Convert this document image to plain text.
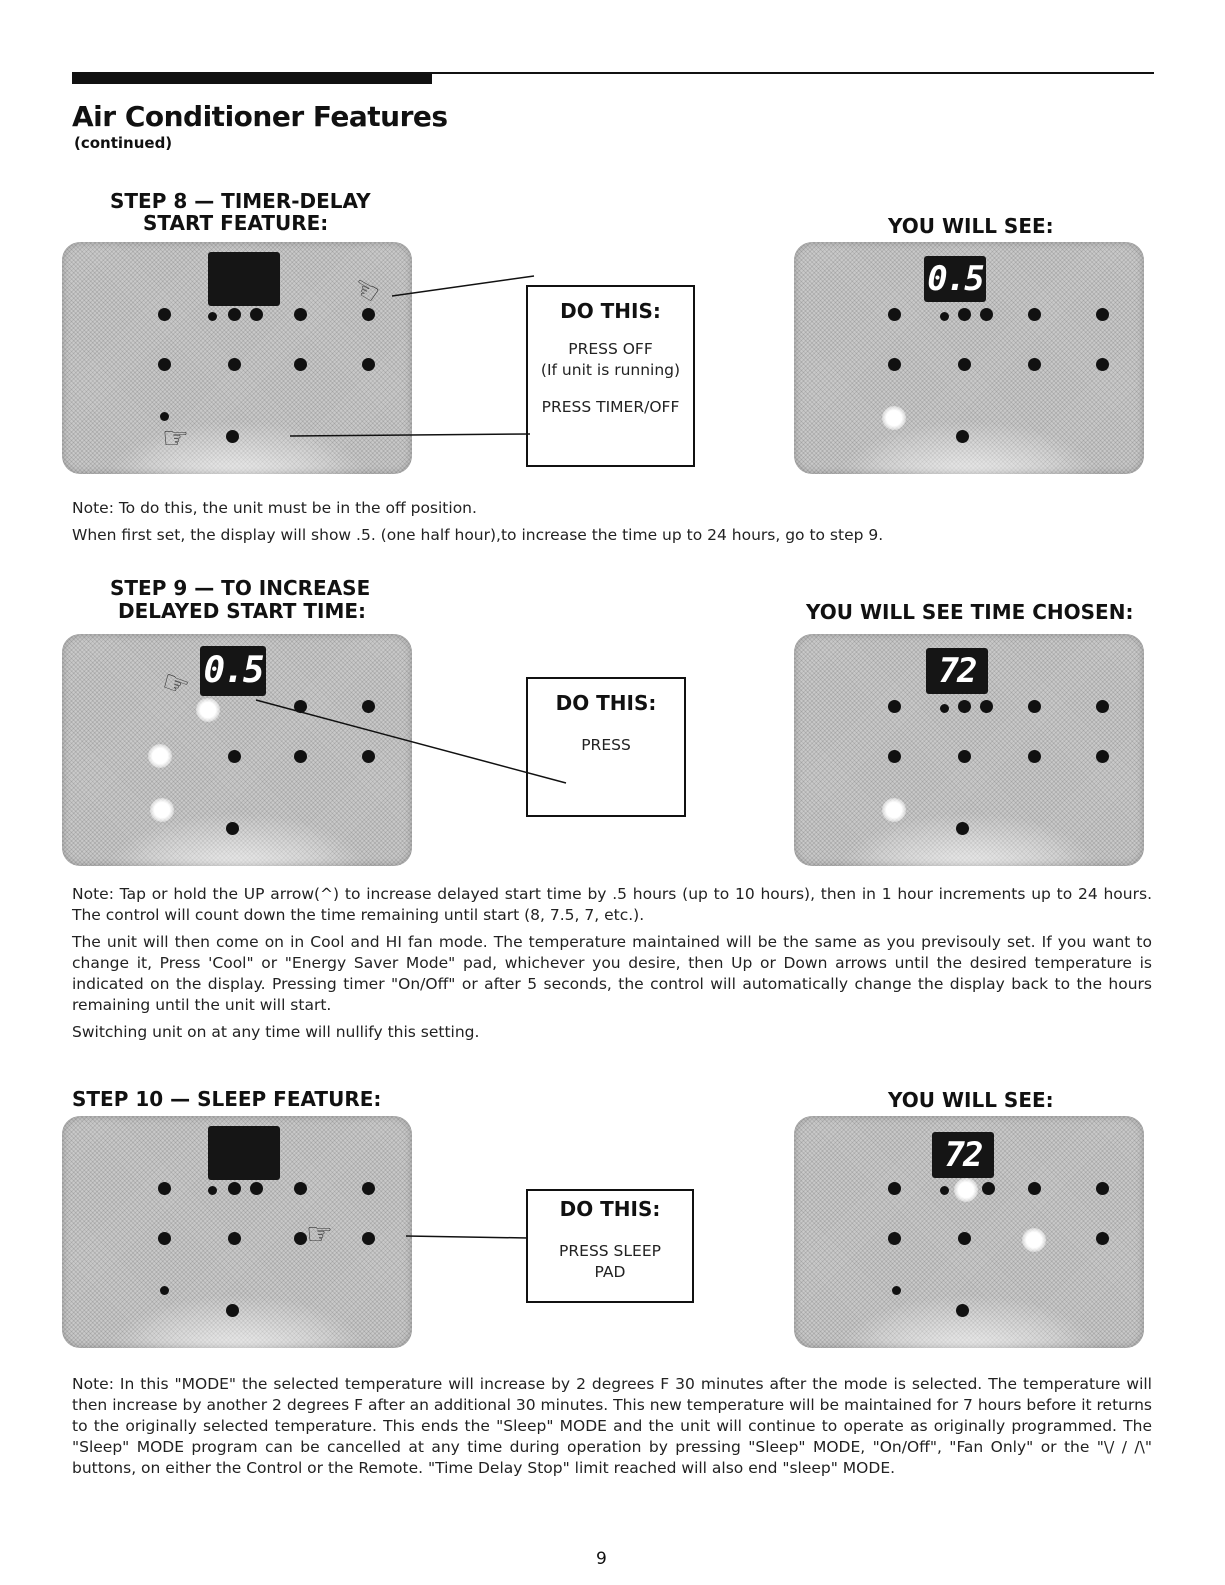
Air Conditioner Features
(continued)
STEP 8 — TIMER-DELAY
START FEATURE:	YOU WILL SEE:
☜
☞
DO THIS:
PRESS OFF
(If unit is running)
PRESS TIMER/OFF
0.5

Note: To do this, the unit must be in the off position.

When first set, the display will show .5. (one half hour),to increase the time up to 24 hours, go to step 9.

STEP 9 — TO INCREASE
DELAYED START TIME:	YOU WILL SEE TIME CHOSEN:
0.5
☞	DO THIS:
PRESS
72

Note: Tap or hold the UP arrow(^) to increase delayed start time by .5 hours (up to 10 hours), then in 1 hour increments up to 24 hours. The control will count down the time remaining until start (8, 7.5, 7, etc.).

The unit will then come on in Cool and HI fan mode. The temperature maintained will be the same as you previsouly set. If you want to change it, Press 'Cool" or "Energy Saver Mode" pad, whichever you desire, then Up or Down arrows until the desired temperature is indicated on the display. Pressing timer "On/Off" or after 5 seconds, the control will automatically change the display back to the hours remaining until the unit will start.

Switching unit on at any time will nullify this setting.

STEP 10 — SLEEP FEATURE:	YOU WILL SEE:
☞
DO THIS:
PRESS SLEEP
PAD
72

Note: In this "MODE" the selected temperature will increase by 2 degrees F 30 minutes after the mode is selected. The temperature will then increase by another 2 degrees F after an additional 30 minutes. This new temperature will be maintained for 7 hours before it returns to the originally selected temperature. This ends the "Sleep" MODE and the unit will continue to operate as originally programmed. The "Sleep" MODE program can be cancelled at any time during operation by pressing "Sleep" MODE, "On/Off", "Fan Only" or the "\/ / /\" buttons, on either the Control or the Remote. "Time Delay Stop" limit reached will also end "sleep" MODE.

9
